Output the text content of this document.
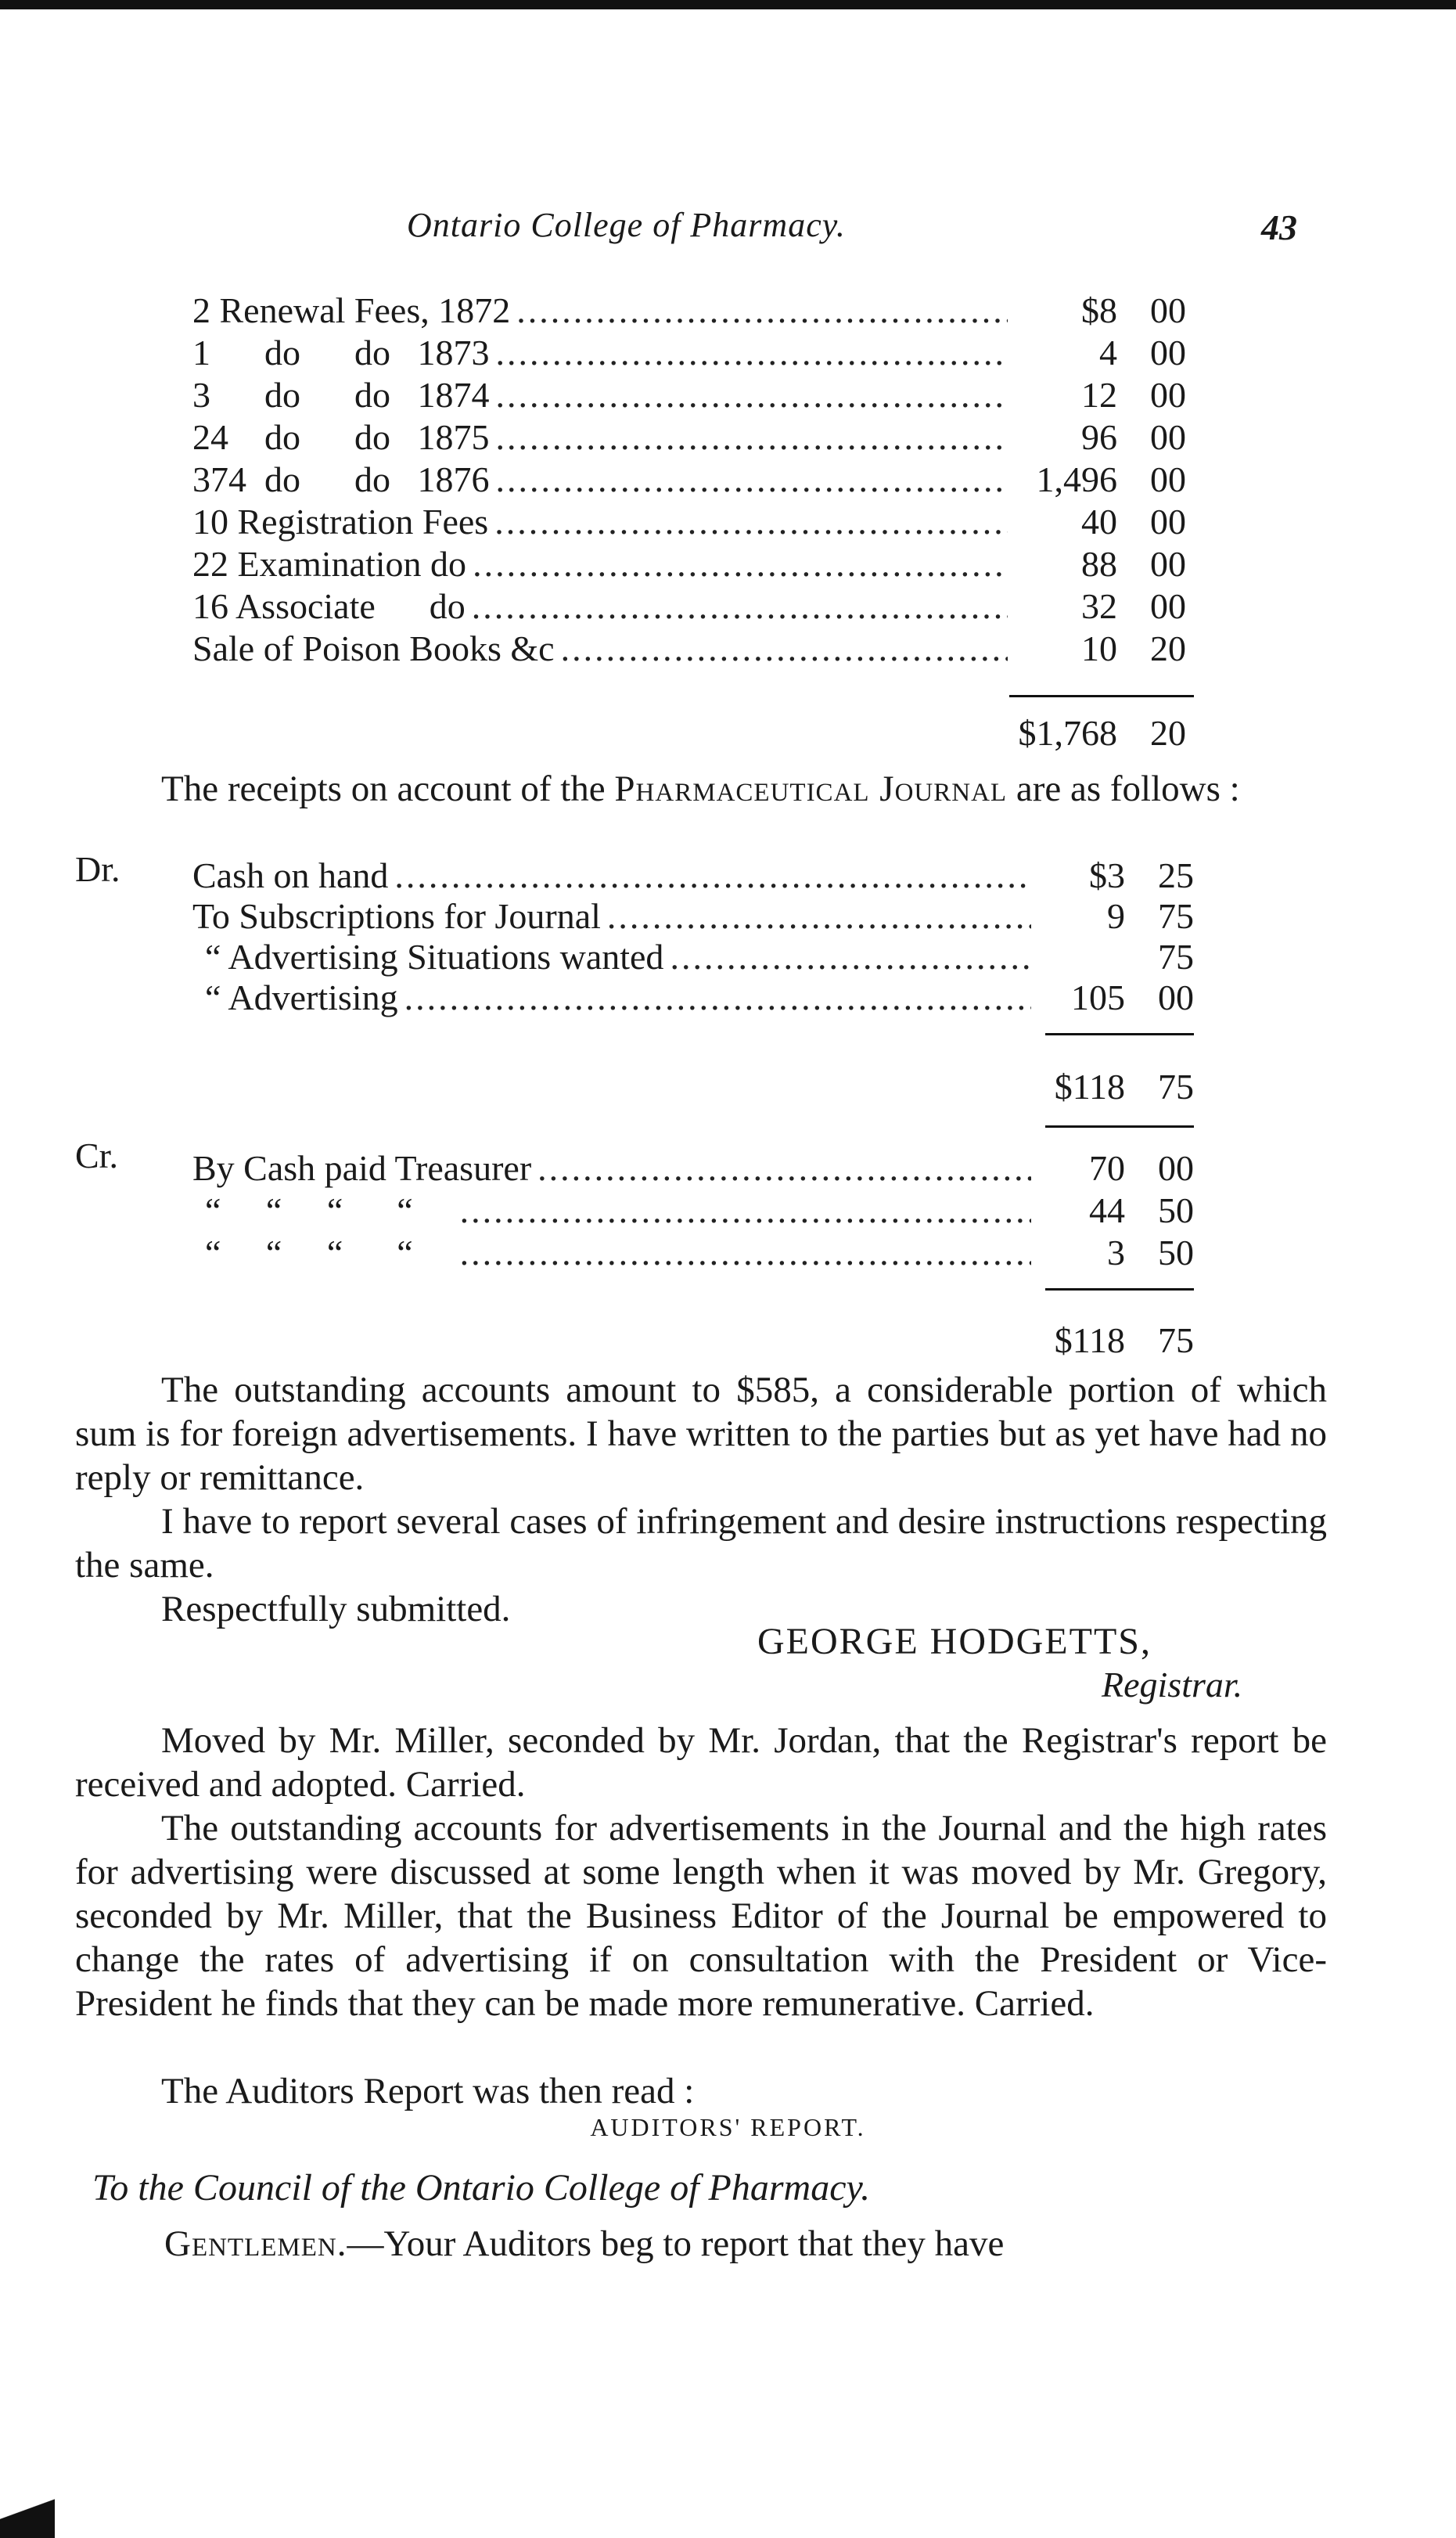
Ontario College of Pharmacy.	43
2 Renewal Fees, 1872 .....	$8 00
1      do      do   1873 .....	4 00
3      do      do   1874 .....	12 00
24    do      do   1875 .....	96 00
374  do      do   1876 .....	1,496 00
10 Registration Fees .....	40 00
22 Examination do .....	88 00
16 Associate      do .....	32 00
Sale of Poison Books &c .....	10 20
$1,768 20
The receipts on account of the Pharmaceutical Journal are as follows :
Dr. Cash on hand .....	$3 25
To Subscriptions for Journal .....	9 75
“ Advertising Situations wanted .....	75
“ Advertising .....	105 00
$118 75
Cr. By Cash paid Treasurer .....	70 00
“     “     “      “ .....	44 50
“     “     “      “ .....	3 50
$118 75
The outstanding accounts amount to $585, a considerable portion of which sum is for foreign advertisements. I have written to the parties but as yet have had no reply or remittance.
I have to report several cases of infringement and desire instructions respecting the same.
Respectfully submitted.
GEORGE HODGETTS,
Registrar.
Moved by Mr. Miller, seconded by Mr. Jordan, that the Registrar's report be received and adopted. Carried.
The outstanding accounts for advertisements in the Journal and the high rates for advertising were discussed at some length when it was moved by Mr. Gregory, seconded by Mr. Miller, that the Business Editor of the Journal be empowered to change the rates of advertising if on consultation with the President or Vice-President he finds that they can be made more remunerative. Carried.
The Auditors Report was then read :
AUDITORS' REPORT.
To the Council of the Ontario College of Pharmacy.
Gentlemen.—Your Auditors beg to report that they have
